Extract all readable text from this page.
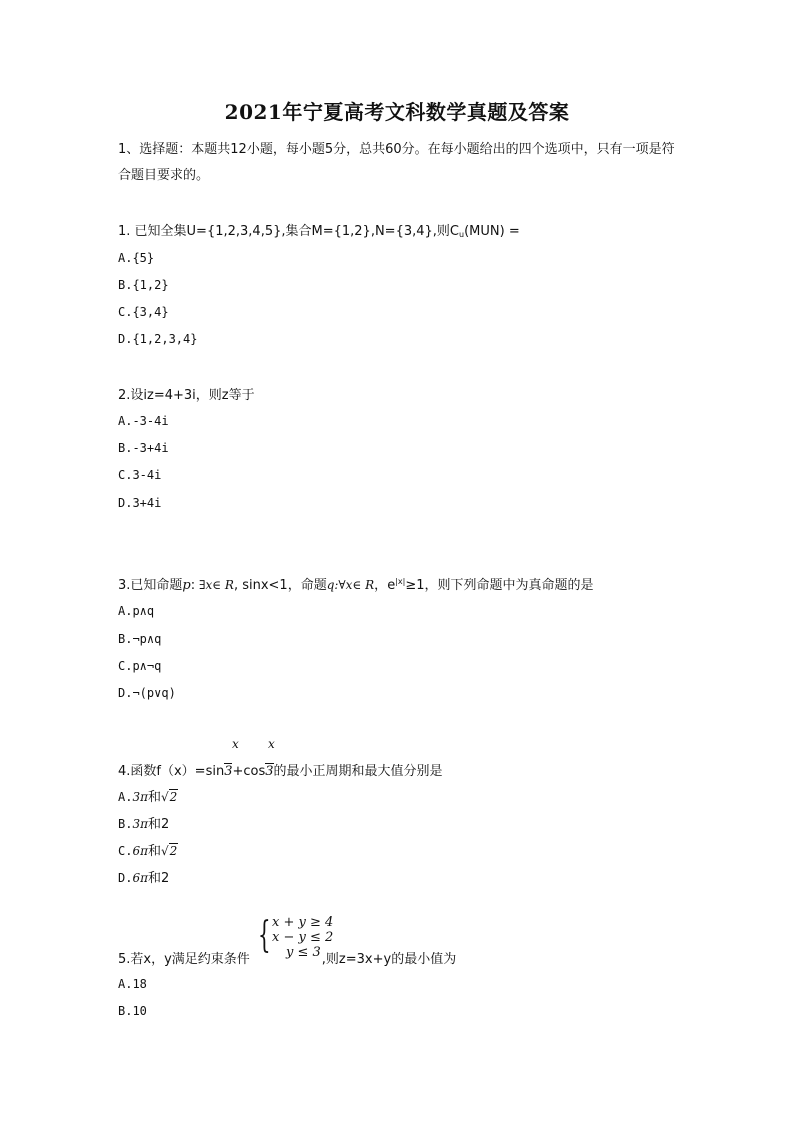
2021年宁夏高考文科数学真题及答案
1、选择题：本题共12小题，每小题5分，总共60分。在每小题给出的四个选项中，只有一项是符合题目要求的。
1. 已知全集U={1,2,3,4,5},集合M={1,2},N={3,4},则$C_u(MUN)$ =
A.{5}
B.{1,2}
C.{3,4}
D.{1,2,3,4}
2.设iz=4+3i，则z等于
A.-3-4i
B.-3+4i
C.3-4i
D.3+4i
3.已知命题p: ∃x∈ R, sinx<1，命题q:∀x∈ R，$e^{|x|}\ge 1$，则下列命题中为真命题的是
A.p∧q
B.¬p∧q
C.p∧¬q
D.¬(p∨q)
x x
4.函数f（x）=sin3+cos3的最小正周期和最大值分别是
A.3π和√2
B.3π和2
C.6π和√2
D.6π和2
{ x + y ≥ 4
x − y ≤ 2
y ≤ 3
5.若x，y满足约束条件	,则z=3x+y的最小值为
A.18
B.10
